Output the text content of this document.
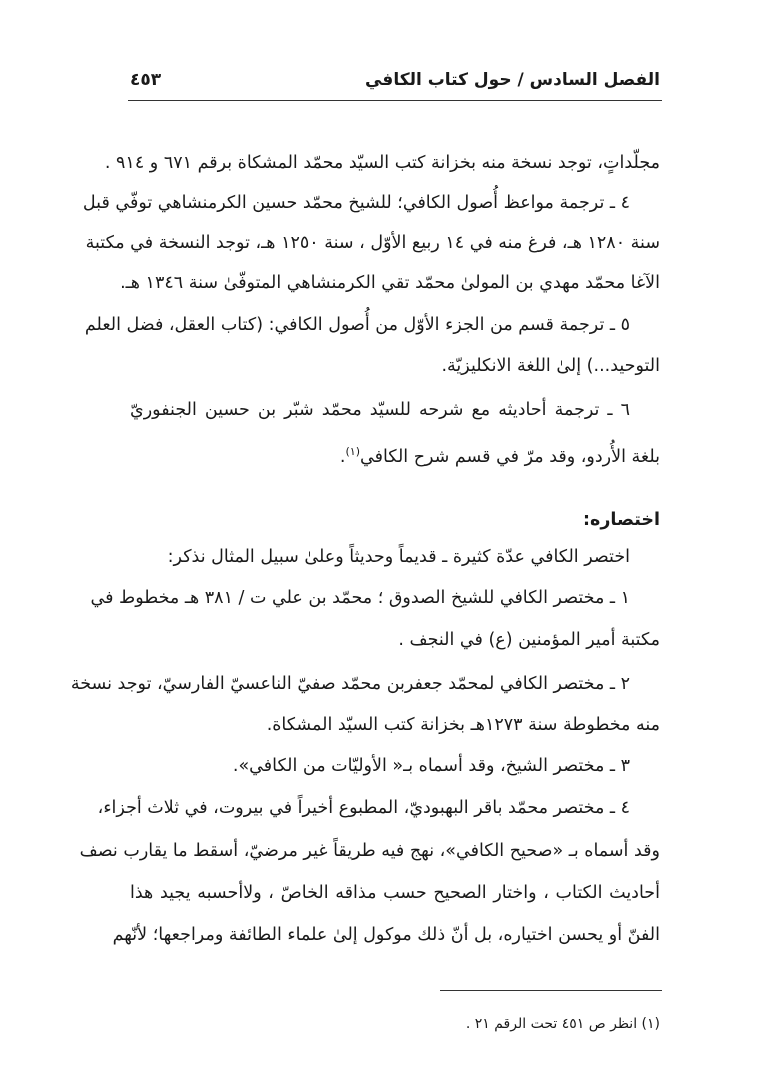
الفصل السادس / حول كتاب الكافي
٤٥٣
مجلّداتٍ، توجد نسخة منه بخزانة كتب السيّد محمّد المشكاة برقم ٦٧١ و ٩١٤ .
٤ ـ ترجمة مواعظ أُصول الكافي؛ للشيخ محمّد حسين الكرمنشاهي توفّي قبل
سنة ١٢٨٠ هـ، فرغ منه في ١٤ ربيع الأوّل ، سنة ١٢٥٠ هـ، توجد النسخة في مكتبة
الآغا محمّد مهدي بن المولىٰ محمّد تقي الكرمنشاهي المتوفّىٰ سنة ١٣٤٦ هـ.
٥ ـ ترجمة قسم من الجزء الأوّل من أُصول الكافي: (كتاب العقل، فضل العلم
التوحيد...) إلىٰ اللغة الانكليزيّة.
٦ ـ ترجمة أحاديثه مع شرحه للسيّد محمّد شبّر بن حسين الجنفوريّ
بلغة الأُردو، وقد مرّ في قسم شرح الكافي$^{(١)}$.
اختصاره:
اختصر الكافي عدّة كثيرة ـ قديماً وحديثاً وعلىٰ سبيل المثال نذكر:
١ ـ مختصر الكافي للشيخ الصدوق ؛ محمّد بن علي ت / ٣٨١ هـ مخطوط في
مكتبة أمير المؤمنين (ع) في النجف .
٢ ـ مختصر الكافي لمحمّد جعفربن محمّد صفيّ الناعسيّ الفارسيّ، توجد نسخة
منه مخطوطة سنة ١٢٧٣هـ بخزانة كتب السيّد المشكاة.
٣ ـ مختصر الشيخ، وقد أسماه بـ« الأوليّات من الكافي».
٤ ـ مختصر محمّد باقر البهبوديّ، المطبوع أخيراً في بيروت، في ثلاث أجزاء،
وقد أسماه بـ «صحيح الكافي»، نهج فيه طريقاً غير مرضيّ، أسقط ما يقارب نصف
أحاديث الكتاب ، واختار الصحيح حسب مذاقه الخاصّ ، ولاأحسبه يجيد هذا
الفنّ أو يحسن اختياره، بل أنّ ذلك موكول إلىٰ علماء الطائفة ومراجعها؛ لأنّهم
(١) انظر ص ٤٥١ تحت الرقم ٢١ .
